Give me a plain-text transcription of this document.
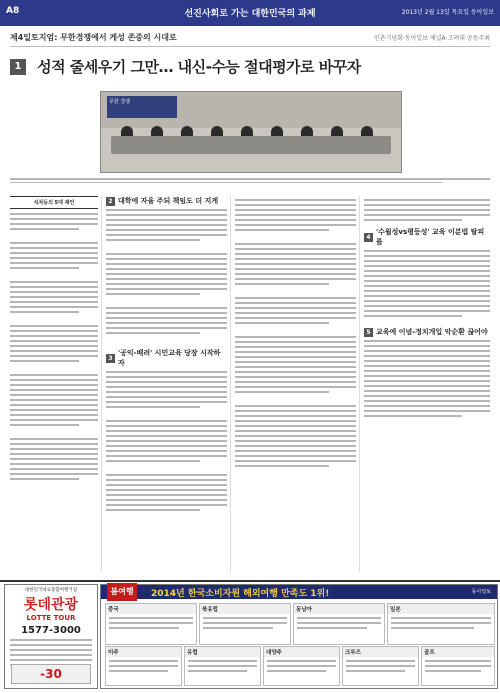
A8	선진사회로 가는 대한민국의 과제	2013년 2월 13일 목요일 동아일보
제4일토지엄: 무한경쟁에서 게성 존중의 시대로	인촌기념회·동아일보·채널A·고려대 공동주최
1 성적 줄세우기 그만… 내신-수능 절대평가로 바꾸자
무한 경쟁
석차등의 5대 제언	2 대학에 자율 주되 책임도 더 지게
3
'공익-배려' 시민교육 당장 시작하자
4
'수월성vs평등성' 교육 이분법 탈피를
5 교육에 이념-정치개입 악순환 끊어야
대한민국대표종합여행기업
롯데관광
LOTTE TOUR
1577-3000
-30
2014년 한국소비자원 해외여행 만족도 1위!	동아일보
봄여행
중국	북유럽	동남아	일본
미주	유럽	대양주	크루즈	골프
